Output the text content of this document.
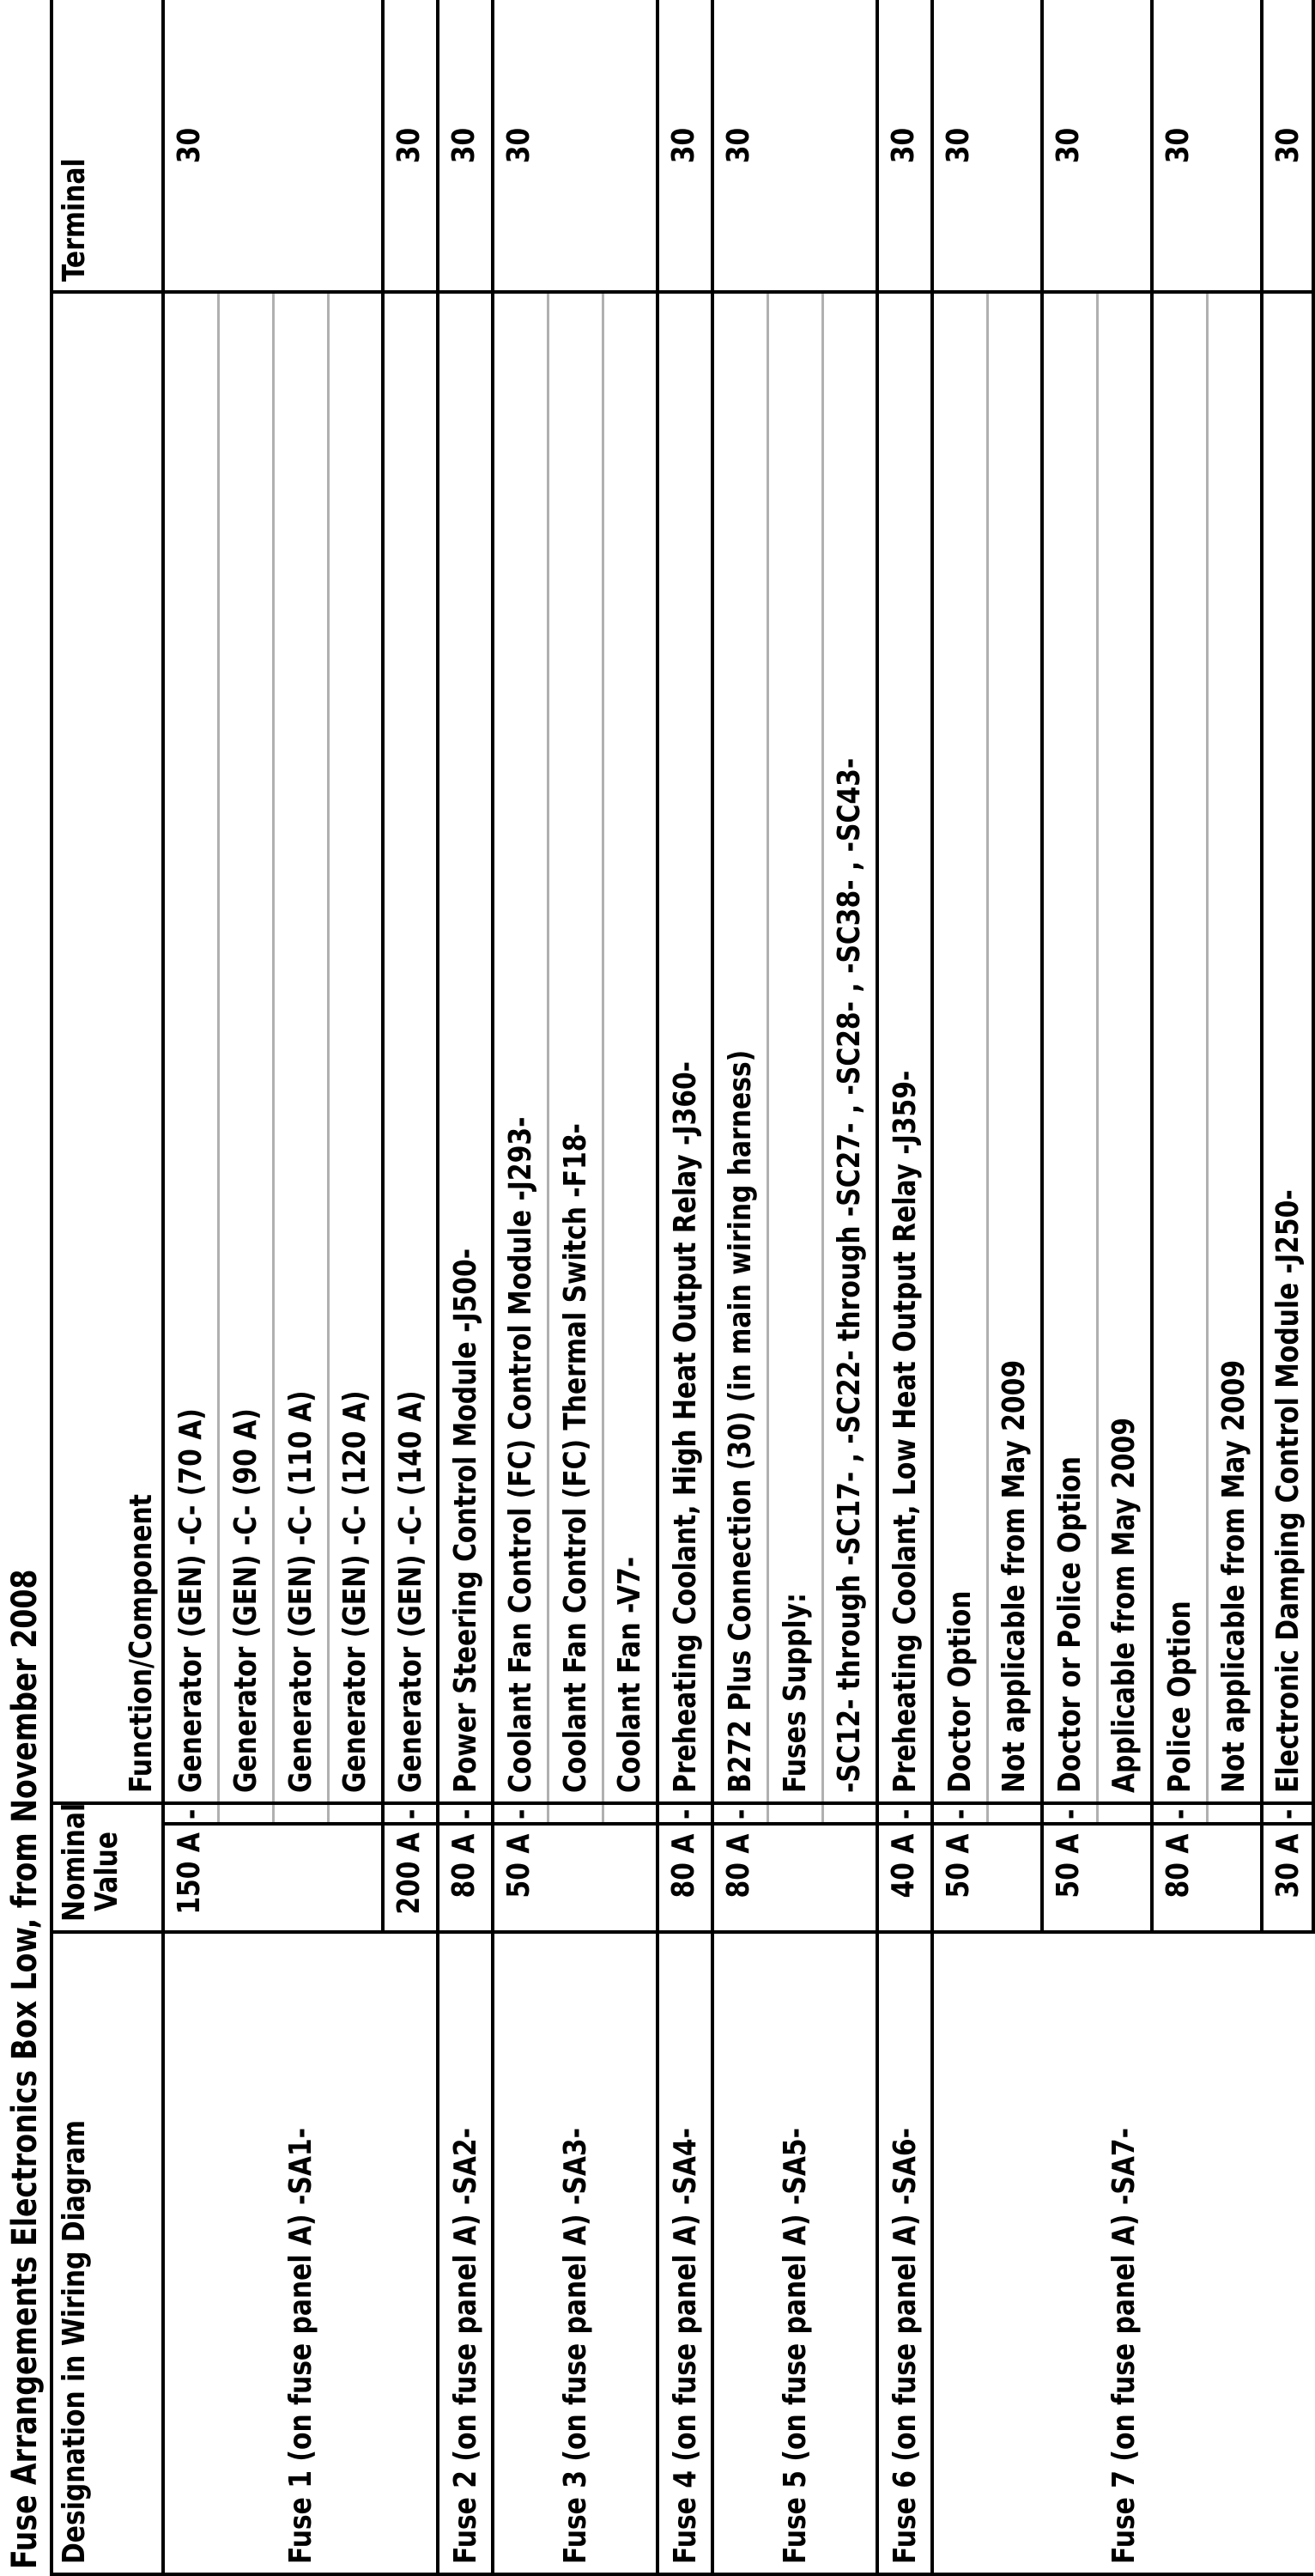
Fuse Arrangements Electronics Box Low, from November 2008 Designation in Wiring Diagram	Nominal
Value		Function/Component	Terminal
Fuse 1 (on fuse panel A) -SA1-	150 A	-	Generator (GEN) -C- (70 A)	30
			Generator (GEN) -C- (90 A)	
			Generator (GEN) -C- (110 A)	
			Generator (GEN) -C- (120 A)	
	200 A	-	Generator (GEN) -C- (140 A)	30
Fuse 2 (on fuse panel A) -SA2-	80 A	-	Power Steering Control Module -J500-	30
Fuse 3 (on fuse panel A) -SA3-	50 A	-	Coolant Fan Control (FC) Control Module -J293-	30
			Coolant Fan Control (FC) Thermal Switch -F18-	
			Coolant Fan -V7-	
Fuse 4 (on fuse panel A) -SA4-	80 A	-	Preheating Coolant, High Heat Output Relay -J360-	30
Fuse 5 (on fuse panel A) -SA5-	80 A	-	B272 Plus Connection (30) (in main wiring harness)	30
			Fuses Supply:	
			-SC12- through -SC17- , -SC22- through -SC27- , -SC28- , -SC38- , -SC43-	
Fuse 6 (on fuse panel A) -SA6-	40 A	-	Preheating Coolant, Low Heat Output Relay -J359-	30
Fuse 7 (on fuse panel A) -SA7-	50 A	-	Doctor Option	30
			Not applicable from May 2009	
	50 A	-	Doctor or Police Option	30
			Applicable from May 2009	
	80 A	-	Police Option	30
			Not applicable from May 2009	
	30 A	-	Electronic Damping Control Module -J250-	30
